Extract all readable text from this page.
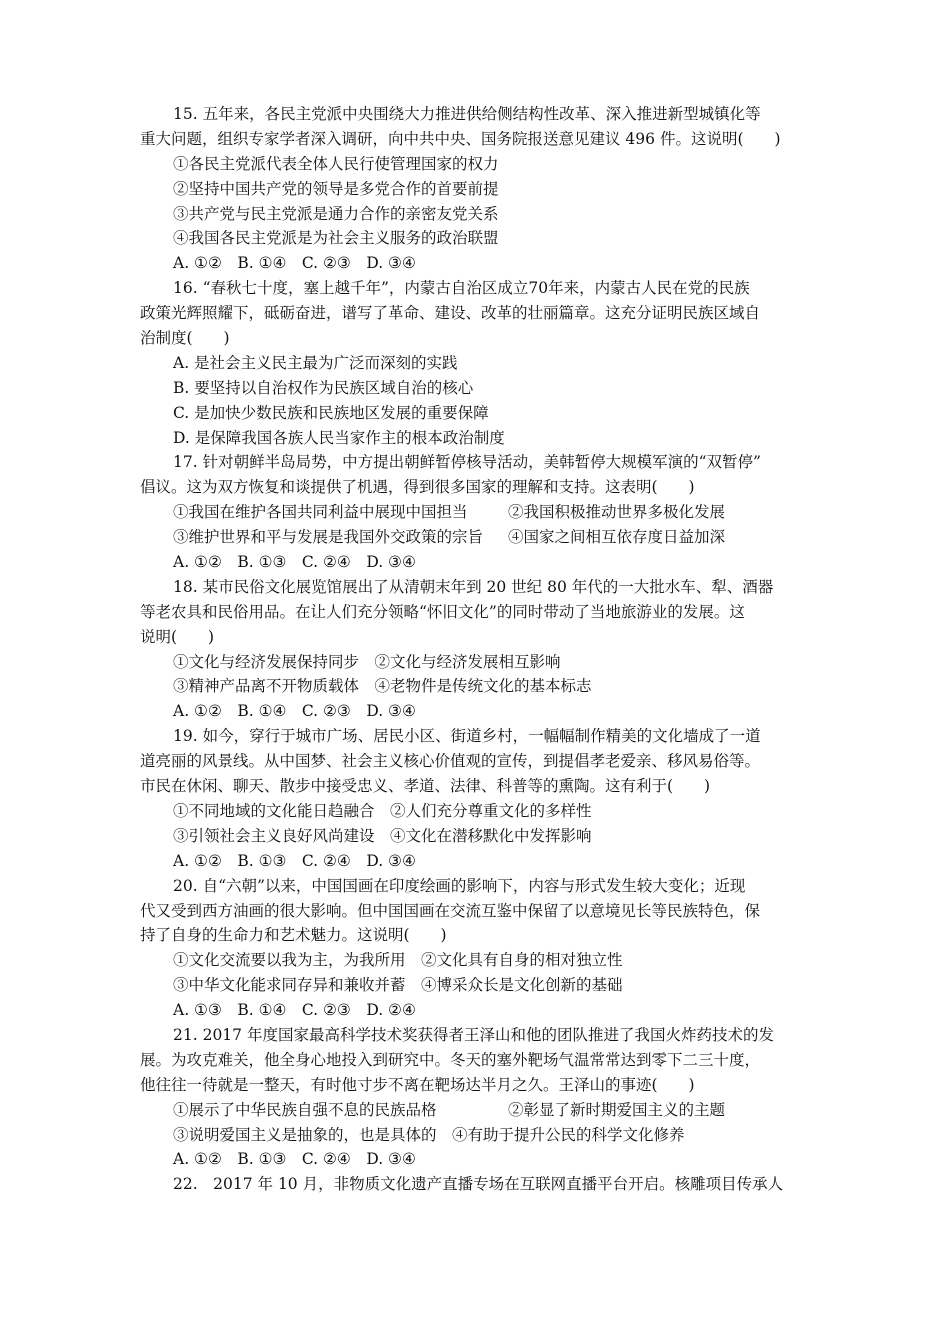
15. 五年来，各民主党派中央围绕大力推进供给侧结构性改革、深入推进新型城镇化等
重大问题，组织专家学者深入调研，向中共中央、国务院报送意见建议 496 件。这说明(　　)
①各民主党派代表全体人民行使管理国家的权力
②坚持中国共产党的领导是多党合作的首要前提
③共产党与民主党派是通力合作的亲密友党关系
④我国各民主党派是为社会主义服务的政治联盟
A. ①②　B. ①④　C. ②③　D. ③④
16. “春秋七十度，塞上越千年”，内蒙古自治区成立70年来，内蒙古人民在党的民族
政策光辉照耀下，砥砺奋进，谱写了革命、建设、改革的壮丽篇章。这充分证明民族区域自
治制度(　　)
A. 是社会主义民主最为广泛而深刻的实践
B. 要坚持以自治权作为民族区域自治的核心
C. 是加快少数民族和民族地区发展的重要保障
D. 是保障我国各族人民当家作主的根本政治制度
17. 针对朝鲜半岛局势，中方提出朝鲜暂停核导活动，美韩暂停大规模军演的“双暂停”
倡议。这为双方恢复和谈提供了机遇，得到很多国家的理解和支持。这表明(　　)
①我国在维护各国共同利益中展现中国担当	②我国积极推动世界多极化发展
③维护世界和平与发展是我国外交政策的宗旨	④国家之间相互依存度日益加深
A. ①②　B. ①③　C. ②④　D. ③④
18. 某市民俗文化展览馆展出了从清朝末年到 20 世纪 80 年代的一大批水车、犁、酒器
等老农具和民俗用品。在让人们充分领略“怀旧文化”的同时带动了当地旅游业的发展。这
说明(　　)
①文化与经济发展保持同步　②文化与经济发展相互影响
③精神产品离不开物质载体　④老物件是传统文化的基本标志
A. ①②　B. ①④　C. ②③　D. ③④
19. 如今，穿行于城市广场、居民小区、街道乡村，一幅幅制作精美的文化墙成了一道
道亮丽的风景线。从中国梦、社会主义核心价值观的宣传，到提倡孝老爱亲、移风易俗等。
市民在休闲、聊天、散步中接受忠义、孝道、法律、科普等的熏陶。这有利于(　　)
①不同地域的文化能日趋融合　②人们充分尊重文化的多样性
③引领社会主义良好风尚建设　④文化在潜移默化中发挥影响
A. ①②　B. ①③　C. ②④　D. ③④
20. 自“六朝”以来，中国国画在印度绘画的影响下，内容与形式发生较大变化；近现
代又受到西方油画的很大影响。但中国国画在交流互鉴中保留了以意境见长等民族特色，保
持了自身的生命力和艺术魅力。这说明(　　)
①文化交流要以我为主，为我所用　②文化具有自身的相对独立性
③中华文化能求同存异和兼收并蓄　④博采众长是文化创新的基础
A. ①③　B. ①④　C. ②③　D. ②④
21. 2017 年度国家最高科学技术奖获得者王泽山和他的团队推进了我国火炸药技术的发
展。为攻克难关，他全身心地投入到研究中。冬天的塞外靶场气温常常达到零下二三十度，
他往往一待就是一整天，有时他寸步不离在靶场达半月之久。王泽山的事迹(　　)
①展示了中华民族自强不息的民族品格	②彰显了新时期爱国主义的主题
③说明爱国主义是抽象的，也是具体的　④有助于提升公民的科学文化修养
A. ①②　B. ①③　C. ②④　D. ③④
22.　2017 年 10 月，非物质文化遗产直播专场在互联网直播平台开启。核雕项目传承人
